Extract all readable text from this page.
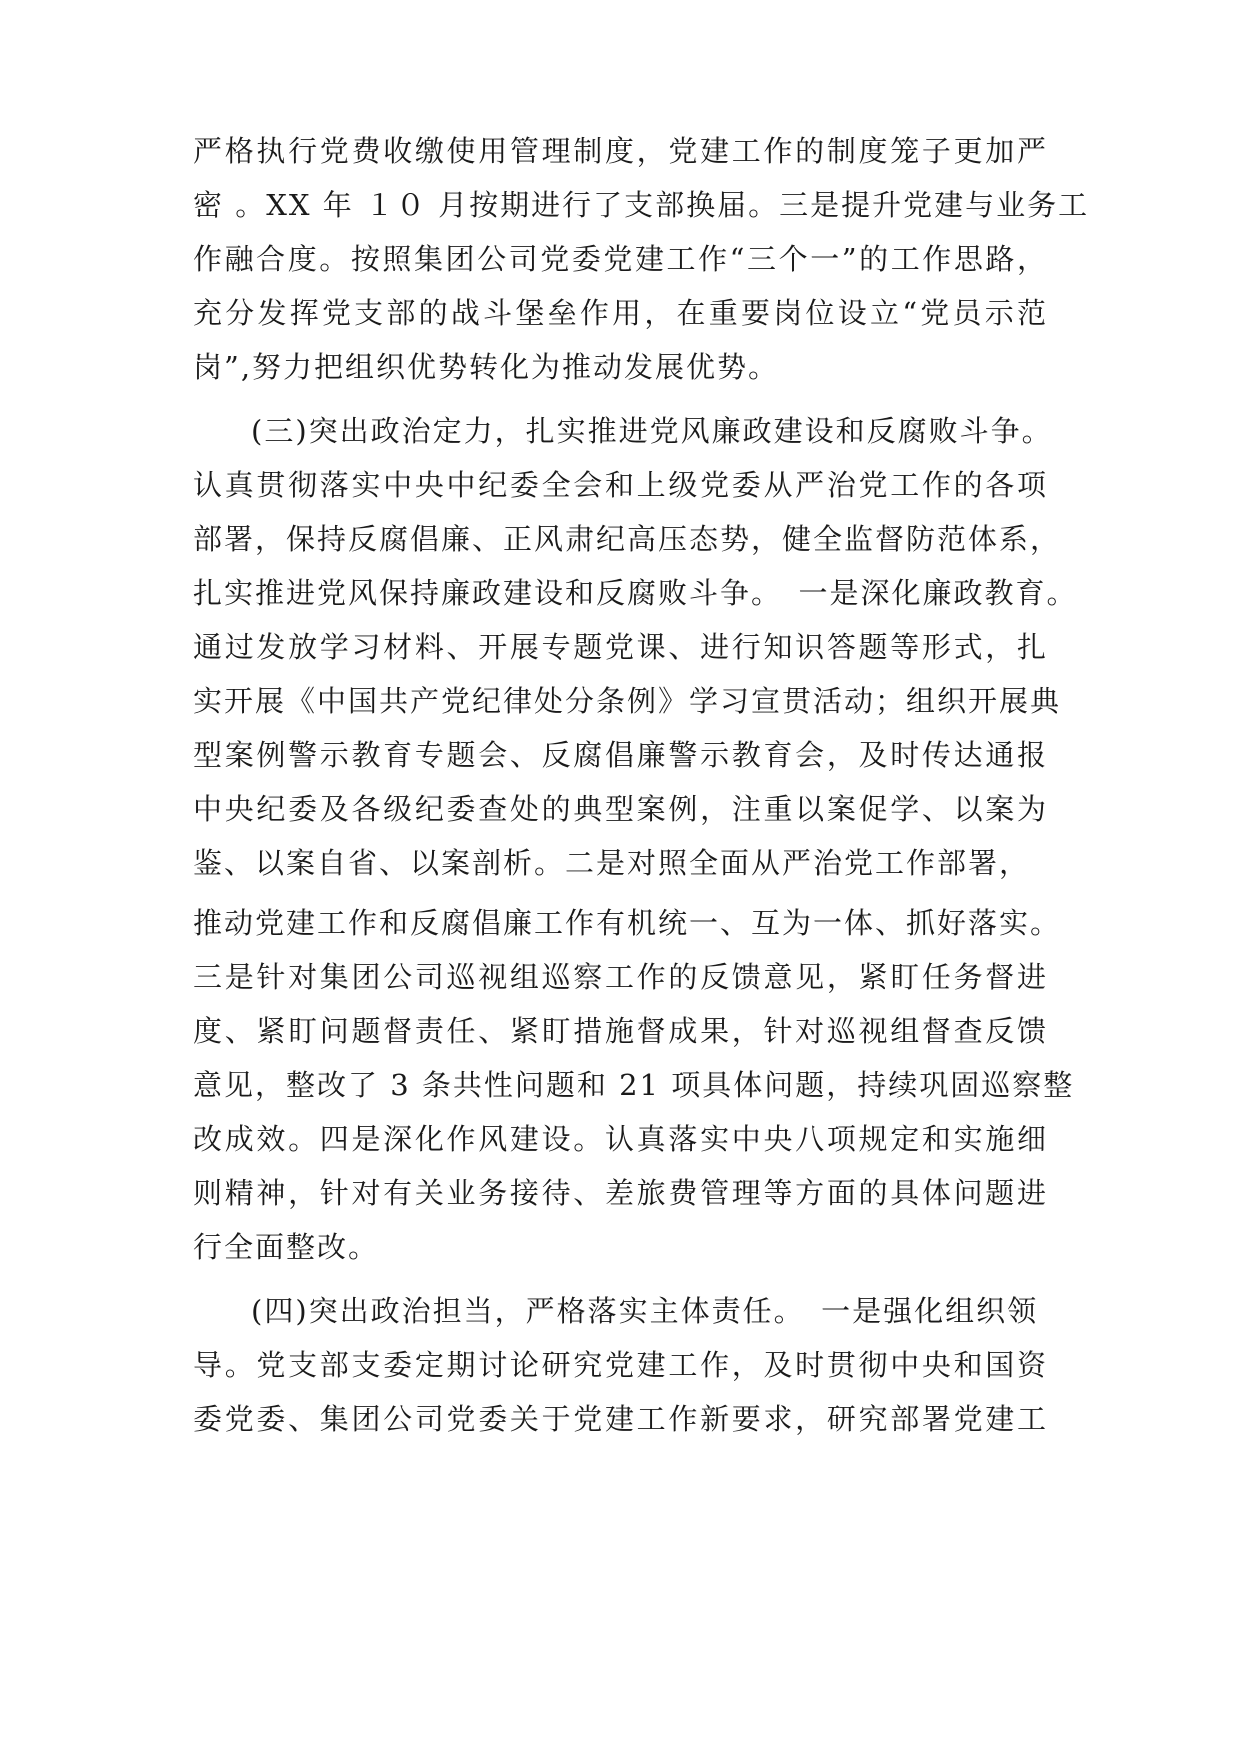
严格执行党费收缴使用管理制度，党建工作的制度笼子更加严
密 。XX 年 １０ 月按期进行了支部换届。三是提升党建与业务工
作融合度。按照集团公司党委党建工作“三个一”的工作思路，
充分发挥党支部的战斗堡垒作用，在重要岗位设立“党员示范
岗”,努力把组织优势转化为推动发展优势。
(三)突出政治定力，扎实推进党风廉政建设和反腐败斗争。
认真贯彻落实中央中纪委全会和上级党委从严治党工作的各项
部署，保持反腐倡廉、正风肃纪高压态势，健全监督防范体系，
扎实推进党风保持廉政建设和反腐败斗争。　一是深化廉政教育。
通过发放学习材料、开展专题党课、进行知识答题等形式，扎
实开展《中国共产党纪律处分条例》学习宣贯活动；组织开展典
型案例警示教育专题会、反腐倡廉警示教育会，及时传达通报
中央纪委及各级纪委查处的典型案例，注重以案促学、以案为
鉴、以案自省、以案剖析。二是对照全面从严治党工作部署，
推动党建工作和反腐倡廉工作有机统一、互为一体、抓好落实。
三是针对集团公司巡视组巡察工作的反馈意见，紧盯任务督进
度、紧盯问题督责任、紧盯措施督成果，针对巡视组督查反馈
意见，整改了 3 条共性问题和 21 项具体问题，持续巩固巡察整
改成效。四是深化作风建设。认真落实中央八项规定和实施细
则精神，针对有关业务接待、差旅费管理等方面的具体问题进
行全面整改。
(四)突出政治担当，严格落实主体责任。　一是强化组织领
导。党支部支委定期讨论研究党建工作，及时贯彻中央和国资
委党委、集团公司党委关于党建工作新要求，研究部署党建工
